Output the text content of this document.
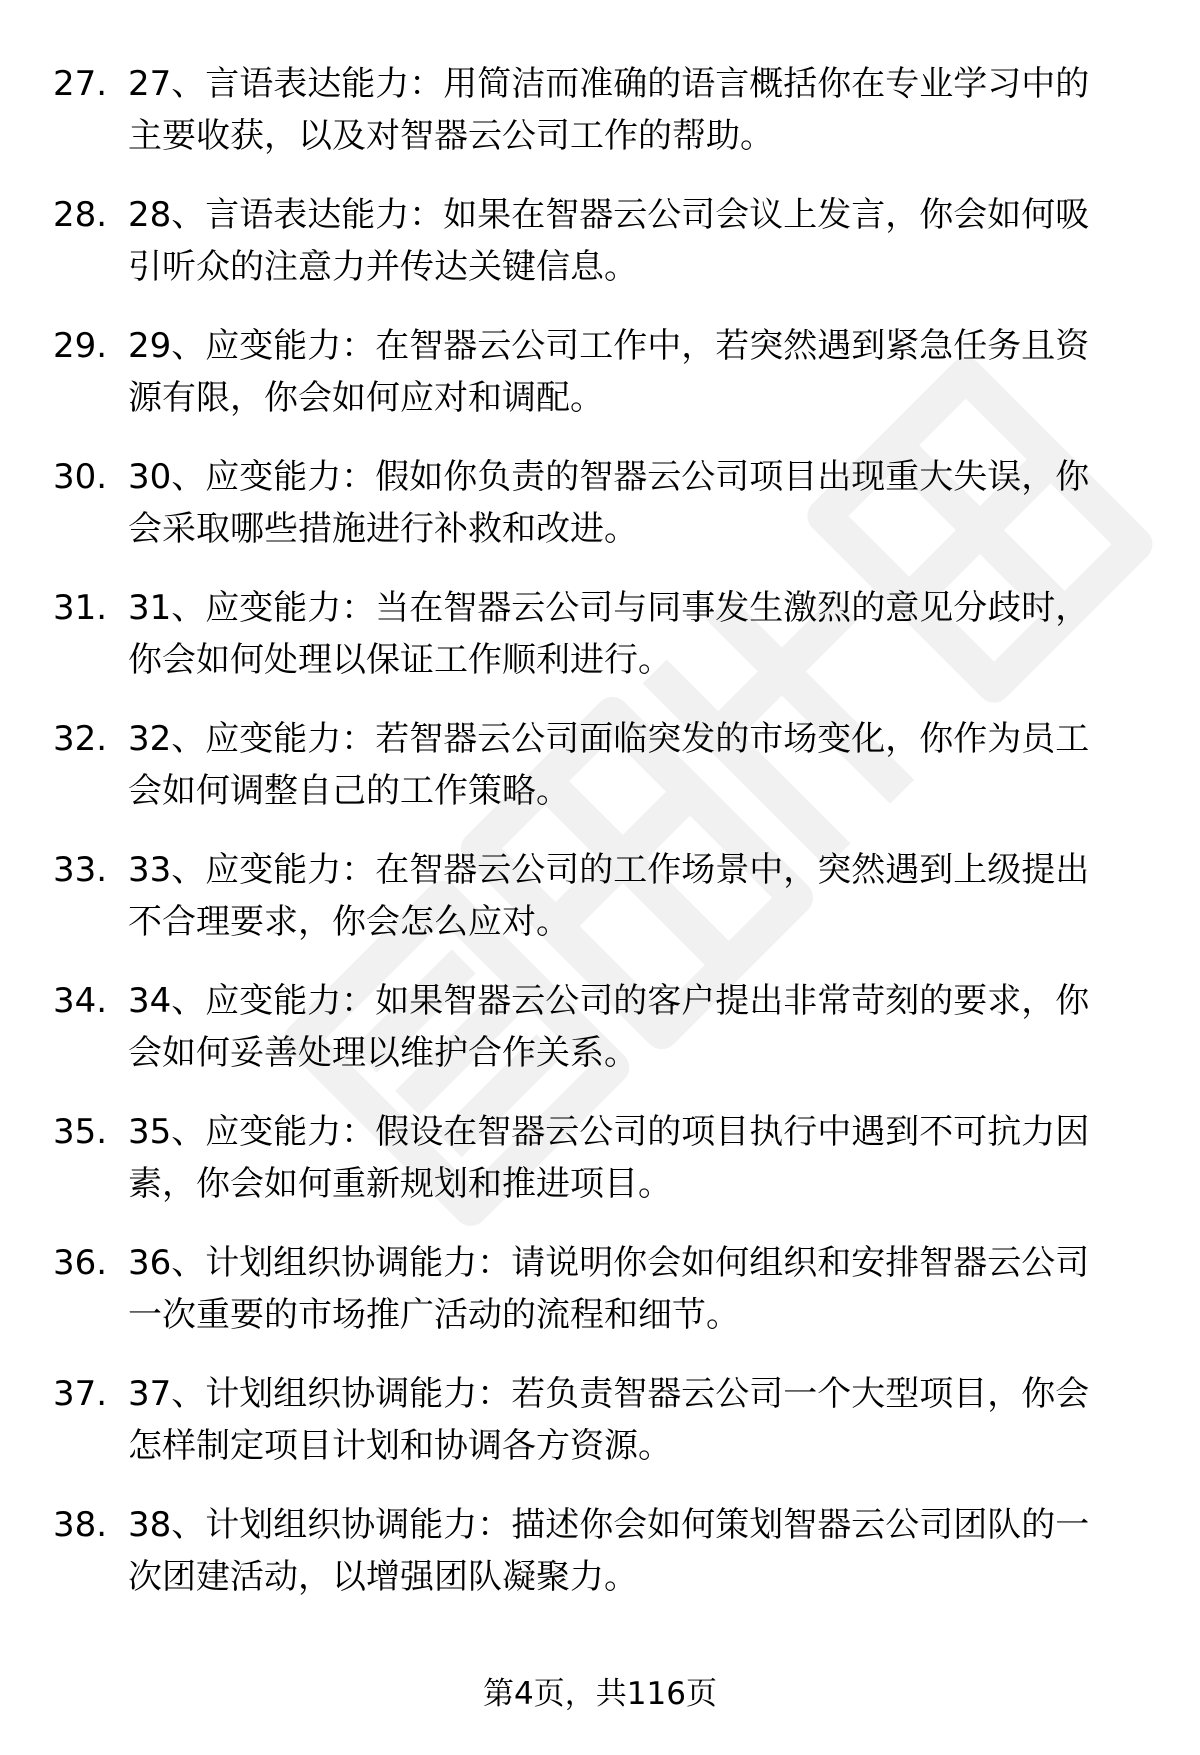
27. 27、言语表达能力：用简洁而准确的语言概括你在专业学习中的
主要收获，以及对智器云公司工作的帮助。
28. 28、言语表达能力：如果在智器云公司会议上发言，你会如何吸
引听众的注意力并传达关键信息。
29. 29、应变能力：在智器云公司工作中，若突然遇到紧急任务且资
源有限，你会如何应对和调配。
30. 30、应变能力：假如你负责的智器云公司项目出现重大失误，你
会采取哪些措施进行补救和改进。
31. 31、应变能力：当在智器云公司与同事发生激烈的意见分歧时，
你会如何处理以保证工作顺利进行。
32. 32、应变能力：若智器云公司面临突发的市场变化，你作为员工
会如何调整自己的工作策略。
33. 33、应变能力：在智器云公司的工作场景中，突然遇到上级提出
不合理要求，你会怎么应对。
34. 34、应变能力：如果智器云公司的客户提出非常苛刻的要求，你
会如何妥善处理以维护合作关系。
35. 35、应变能力：假设在智器云公司的项目执行中遇到不可抗力因
素，你会如何重新规划和推进项目。
36. 36、计划组织协调能力：请说明你会如何组织和安排智器云公司
一次重要的市场推广活动的流程和细节。
37. 37、计划组织协调能力：若负责智器云公司一个大型项目，你会
怎样制定项目计划和协调各方资源。
38. 38、计划组织协调能力：描述你会如何策划智器云公司团队的一
次团建活动，以增强团队凝聚力。
第4页，共116页
